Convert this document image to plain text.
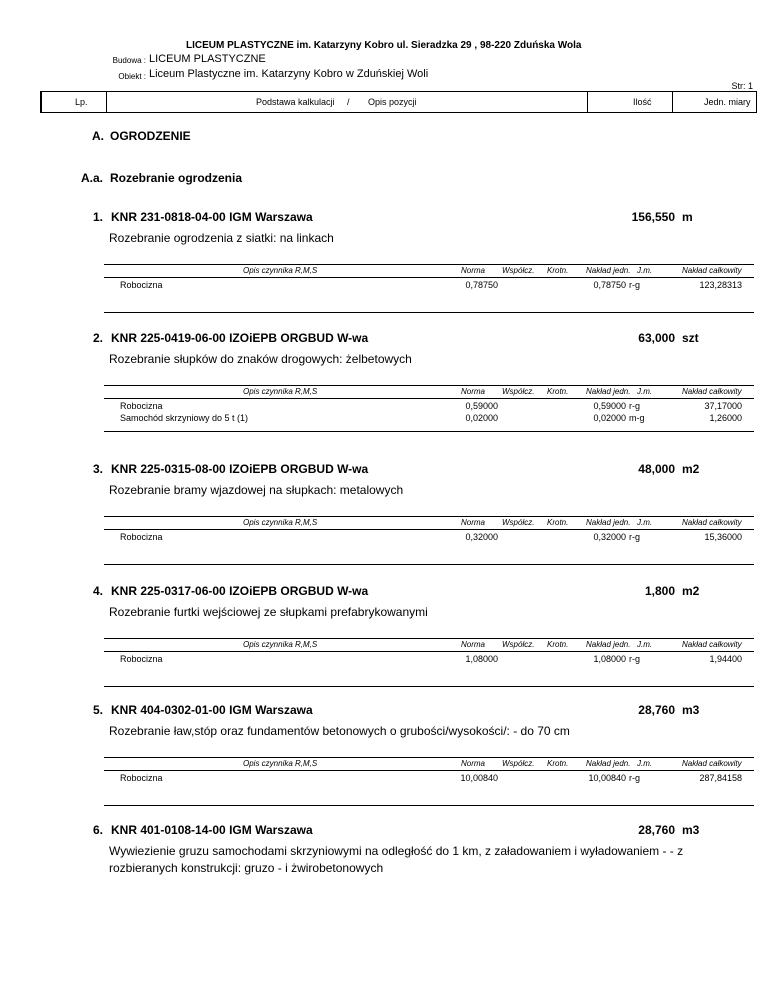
LICEUM PLASTYCZNE im. Katarzyny Kobro ul. Sieradzka 29 , 98-220 Zduńska Wola
Budowa : LICEUM PLASTYCZNE
Obiekt : Liceum Plastyczne im. Katarzyny Kobro w Zduńskiej Woli
Str: 1
Lp.	Podstawa kalkulacji / Opis pozycji	Ilość	Jedn. miary
A. OGRODZENIE
A.a. Rozebranie ogrodzenia
1. KNR 231-0818-04-00 IGM Warszawa	156,550 m
Rozebranie ogrodzenia z siatki: na linkach
Opis czynnika R,M,S	Norma Współcz. Krotn. Nakład jedn. J.m.	Nakład całkowity
Robocizna	0,78750	0,78750 r-g	123,28313
2. KNR 225-0419-06-00 IZOiEPB ORGBUD W-wa	63,000 szt
Rozebranie słupków do znaków drogowych: żelbetowych
Opis czynnika R,M,S	Norma Współcz. Krotn. Nakład jedn. J.m.	Nakład całkowity
Robocizna	0,59000	0,59000 r-g	37,17000
Samochód skrzyniowy do 5 t (1)	0,02000	0,02000 m-g	1,26000
3. KNR 225-0315-08-00 IZOiEPB ORGBUD W-wa	48,000 m2
Rozebranie bramy wjazdowej na słupkach: metalowych
Opis czynnika R,M,S	Norma Współcz. Krotn. Nakład jedn. J.m.	Nakład całkowity
Robocizna	0,32000	0,32000 r-g	15,36000
4. KNR 225-0317-06-00 IZOiEPB ORGBUD W-wa	1,800 m2
Rozebranie furtki wejściowej ze słupkami prefabrykowanymi
Opis czynnika R,M,S	Norma Współcz. Krotn. Nakład jedn. J.m.	Nakład całkowity
Robocizna	1,08000	1,08000 r-g	1,94400
5. KNR 404-0302-01-00 IGM Warszawa	28,760 m3
Rozebranie ław,stóp oraz fundamentów betonowych o grubości/wysokości/: - do 70 cm
Opis czynnika R,M,S	Norma Współcz. Krotn. Nakład jedn. J.m.	Nakład całkowity
Robocizna	10,00840	10,00840 r-g	287,84158
6. KNR 401-0108-14-00 IGM Warszawa	28,760 m3
Wywiezienie gruzu samochodami skrzyniowymi na odległość do 1 km, z załadowaniem i wyładowaniem - - z
rozbieranych konstrukcji: gruzo - i żwirobetonowych
